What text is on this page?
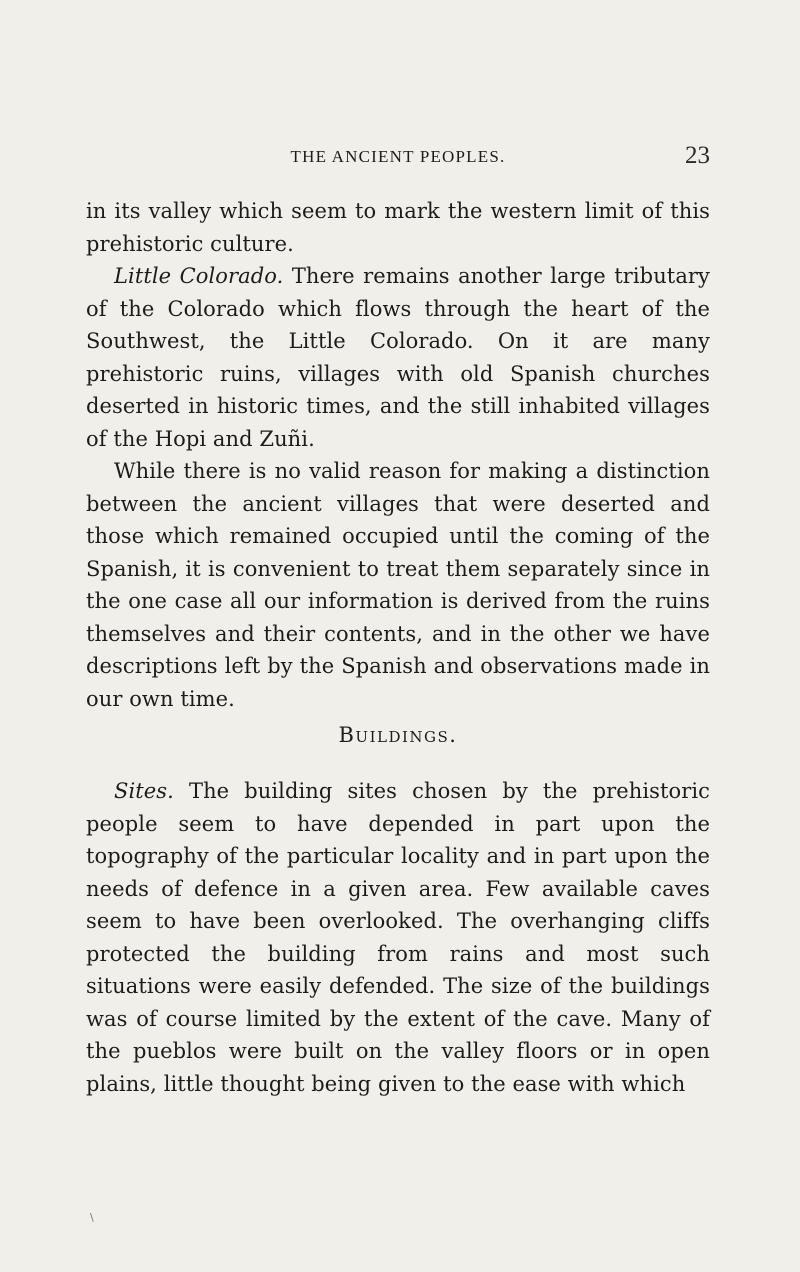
THE ANCIENT PEOPLES.	23

in its valley which seem to mark the western limit of this prehistoric culture.

Little Colorado. There remains another large tributary of the Colorado which flows through the heart of the Southwest, the Little Colorado. On it are many prehistoric ruins, villages with old Spanish churches deserted in historic times, and the still inhabited villages of the Hopi and Zuñi.

While there is no valid reason for making a distinction between the ancient villages that were deserted and those which remained occupied until the coming of the Spanish, it is convenient to treat them separately since in the one case all our information is derived from the ruins themselves and their contents, and in the other we have descriptions left by the Spanish and observations made in our own time.

Buildings.

Sites. The building sites chosen by the prehistoric people seem to have depended in part upon the topography of the particular locality and in part upon the needs of defence in a given area. Few available caves seem to have been overlooked. The overhanging cliffs protected the building from rains and most such situations were easily defended. The size of the buildings was of course limited by the extent of the cave. Many of the pueblos were built on the valley floors or in open plains, little thought being given to the ease with which

\
